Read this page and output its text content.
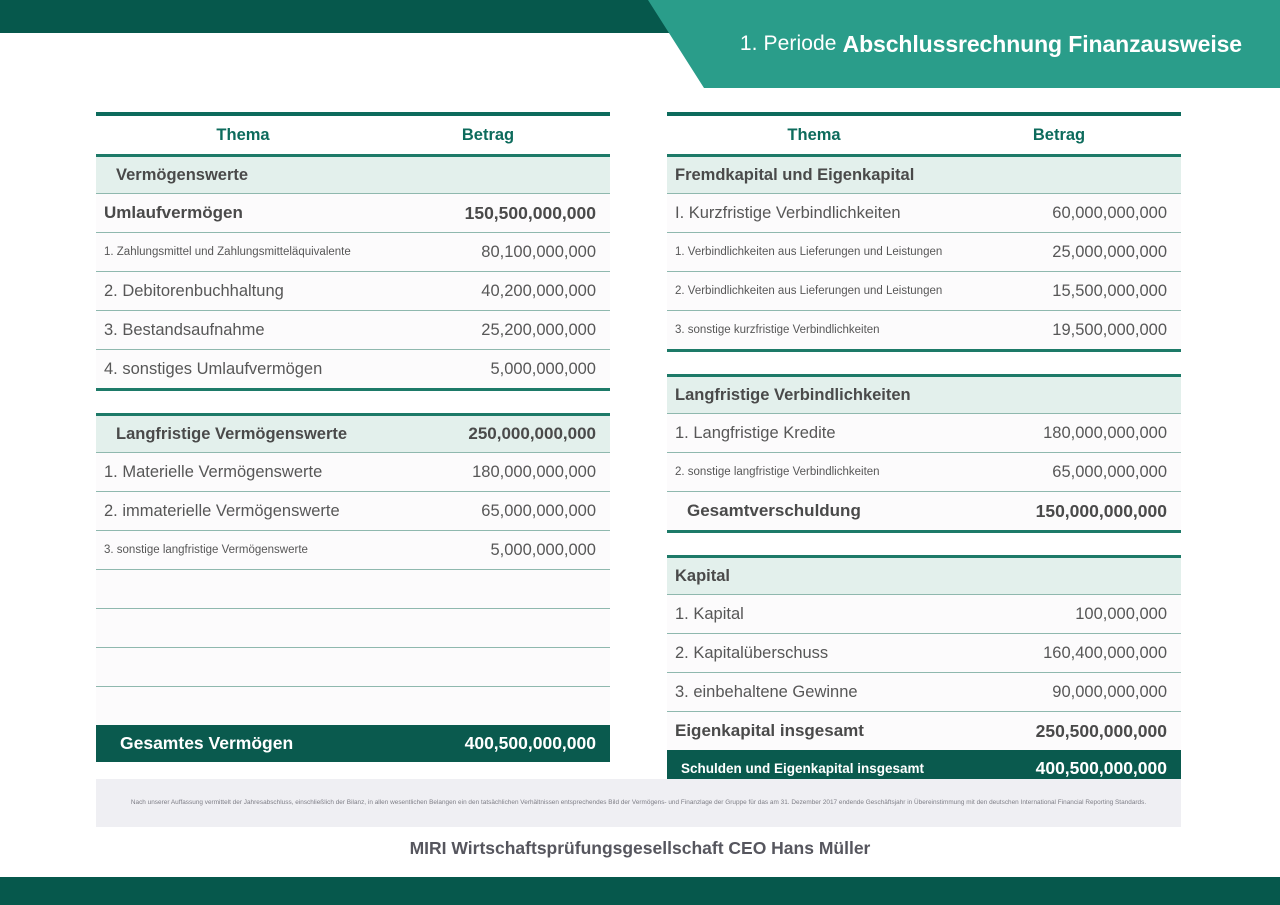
1. Periode Abschlussrechnung Finanzausweise
Thema	Betrag
Vermögenswerte
Umlaufvermögen	150,500,000,000
1. Zahlungsmittel und Zahlungsmitteläquivalente	80,100,000,000
2. Debitorenbuchhaltung	40,200,000,000
3. Bestandsaufnahme	25,200,000,000
4. sonstiges Umlaufvermögen	5,000,000,000
Langfristige Vermögenswerte	250,000,000,000
1. Materielle Vermögenswerte	180,000,000,000
2. immaterielle Vermögenswerte	65,000,000,000
3. sonstige langfristige Vermögenswerte	5,000,000,000
Gesamtes Vermögen	400,500,000,000
Thema	Betrag
Fremdkapital und Eigenkapital
I. Kurzfristige Verbindlichkeiten	60,000,000,000
1. Verbindlichkeiten aus Lieferungen und Leistungen	25,000,000,000
2. Verbindlichkeiten aus Lieferungen und Leistungen	15,500,000,000
3. sonstige kurzfristige Verbindlichkeiten	19,500,000,000
Langfristige Verbindlichkeiten
1. Langfristige Kredite	180,000,000,000
2. sonstige langfristige Verbindlichkeiten	65,000,000,000
Gesamtverschuldung	150,000,000,000
Kapital
1. Kapital	100,000,000
2. Kapitalüberschuss	160,400,000,000
3. einbehaltene Gewinne	90,000,000,000
Eigenkapital insgesamt	250,500,000,000
Schulden und Eigenkapital insgesamt	400,500,000,000
Nach unserer Auffassung vermittelt der Jahresabschluss, einschließlich der Bilanz, in allen wesentlichen Belangen ein den tatsächlichen Verhältnissen entsprechendes Bild der Vermögens- und Finanzlage der Gruppe für das am 31. Dezember 2017 endende Geschäftsjahr in Übereinstimmung mit den deutschen International Financial Reporting Standards.
MIRI Wirtschaftsprüfungsgesellschaft CEO Hans Müller
